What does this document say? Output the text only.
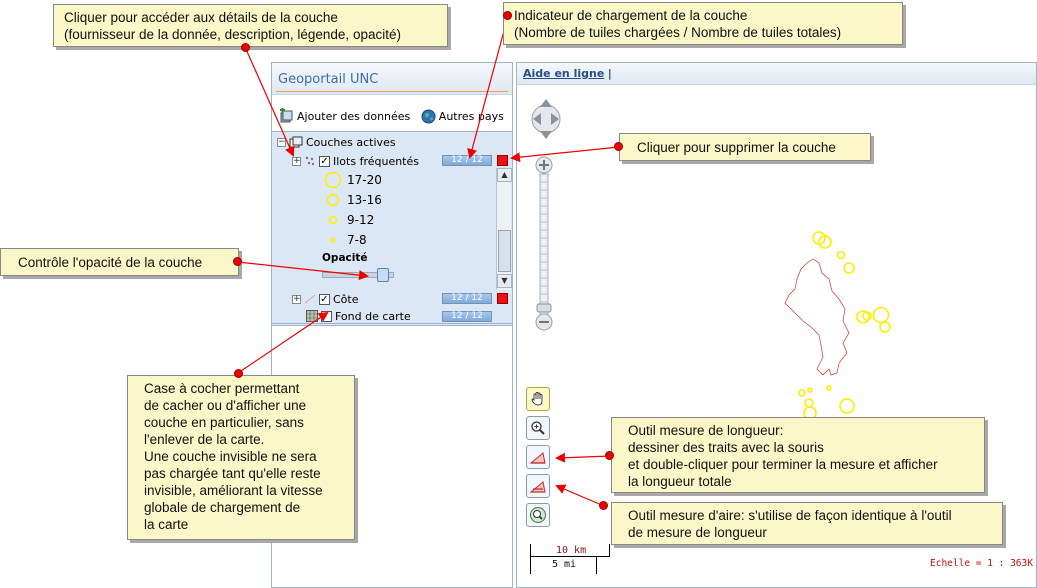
Geoportail UNC
Ajouter des données
	Autres pays
− Couches actives
+ ✓ Ilots fréquentés	12 / 12
▲
▼
17-20
13-16
9-12
7-8
Opacité
+ ✓ Côte	12 / 12
Fond de carte	12 / 12
Aide en ligne |
10 km
5 mi	Echelle = 1 : 363K
Cliquer pour accéder aux détails de la couche
(fournisseur de la donnée, description, légende, opacité)
Indicateur de chargement de la couche
(Nombre de tuiles chargées / Nombre de tuiles totales)
Cliquer pour supprimer la couche
Contrôle l'opacité de la couche
Case à cocher permettant
de cacher ou d'afficher une
couche en particulier, sans
l'enlever de la carte.
Une couche invisible ne sera
pas chargée tant qu'elle reste
invisible, améliorant la vitesse
globale de chargement de
la carte
Outil mesure de longueur:
dessiner des traits avec la souris
et double-cliquer pour terminer la mesure et afficher
la longueur totale
Outil mesure d'aire: s'utilise de façon identique à l'outil
de mesure de longueur
